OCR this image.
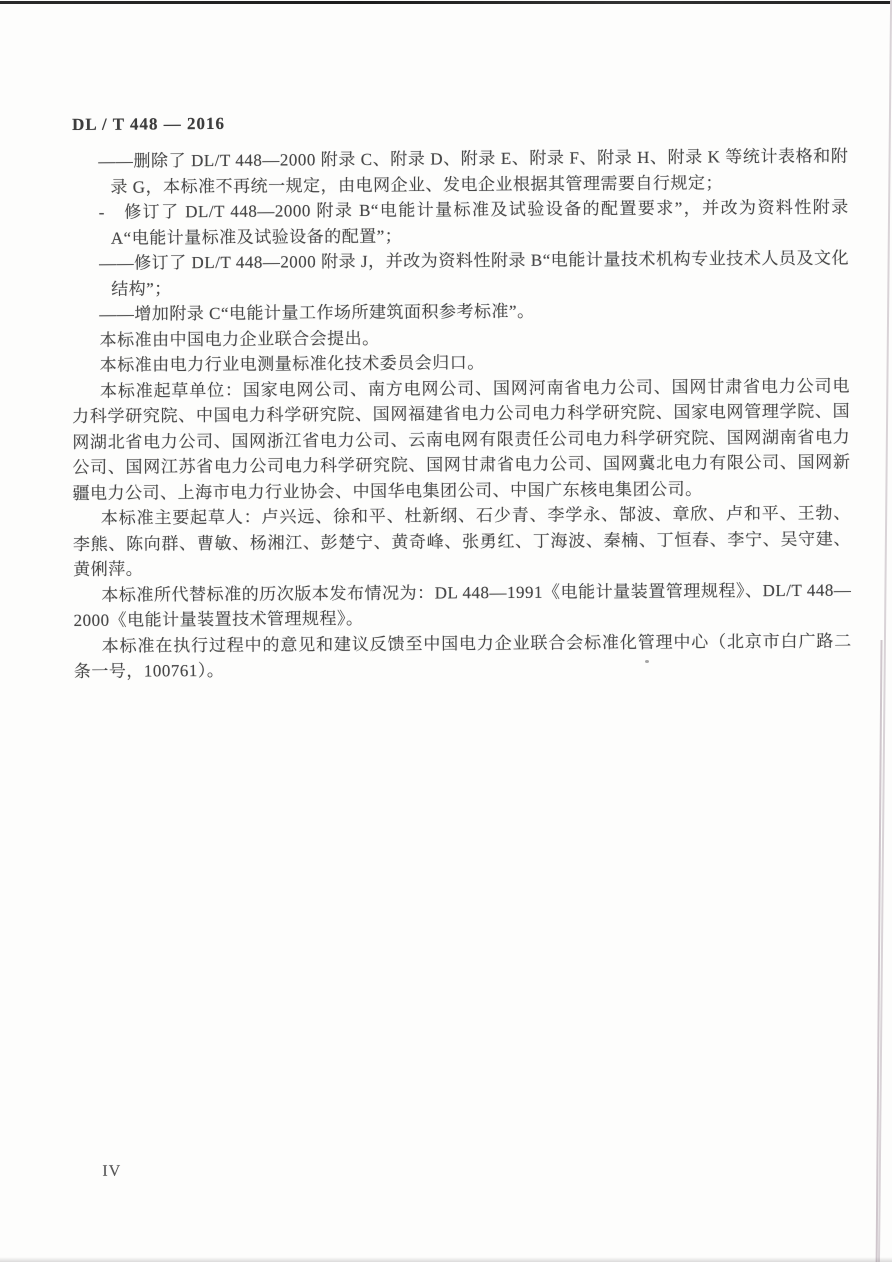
DL / T 448 — 2016

——删除了 DL/T 448—2000 附录 C、附录 D、附录 E、附录 F、附录 H、附录 K 等统计表格和附录 G，本标准不再统一规定，由电网企业、发电企业根据其管理需要自行规定；

-　修订了 DL/T 448—2000 附录 B“电能计量标准及试验设备的配置要求”，并改为资料性附录 A“电能计量标准及试验设备的配置”；

——修订了 DL/T 448—2000 附录 J，并改为资料性附录 B“电能计量技术机构专业技术人员及文化结构”；

——增加附录 C“电能计量工作场所建筑面积参考标准”。

本标准由中国电力企业联合会提出。

本标准由电力行业电测量标准化技术委员会归口。

本标准起草单位：国家电网公司、南方电网公司、国网河南省电力公司、国网甘肃省电力公司电力科学研究院、中国电力科学研究院、国网福建省电力公司电力科学研究院、国家电网管理学院、国网湖北省电力公司、国网浙江省电力公司、云南电网有限责任公司电力科学研究院、国网湖南省电力公司、国网江苏省电力公司电力科学研究院、国网甘肃省电力公司、国网冀北电力有限公司、国网新疆电力公司、上海市电力行业协会、中国华电集团公司、中国广东核电集团公司。

本标准主要起草人：卢兴远、徐和平、杜新纲、石少青、李学永、郜波、章欣、卢和平、王勃、李熊、陈向群、曹敏、杨湘江、彭楚宁、黄奇峰、张勇红、丁海波、秦楠、丁恒春、李宁、吴守建、黄俐萍。

本标准所代替标准的历次版本发布情况为：DL 448—1991《电能计量装置管理规程》、DL/T 448—2000《电能计量装置技术管理规程》。

本标准在执行过程中的意见和建议反馈至中国电力企业联合会标准化管理中心（北京市白广路二条一号，100761）。

IV
